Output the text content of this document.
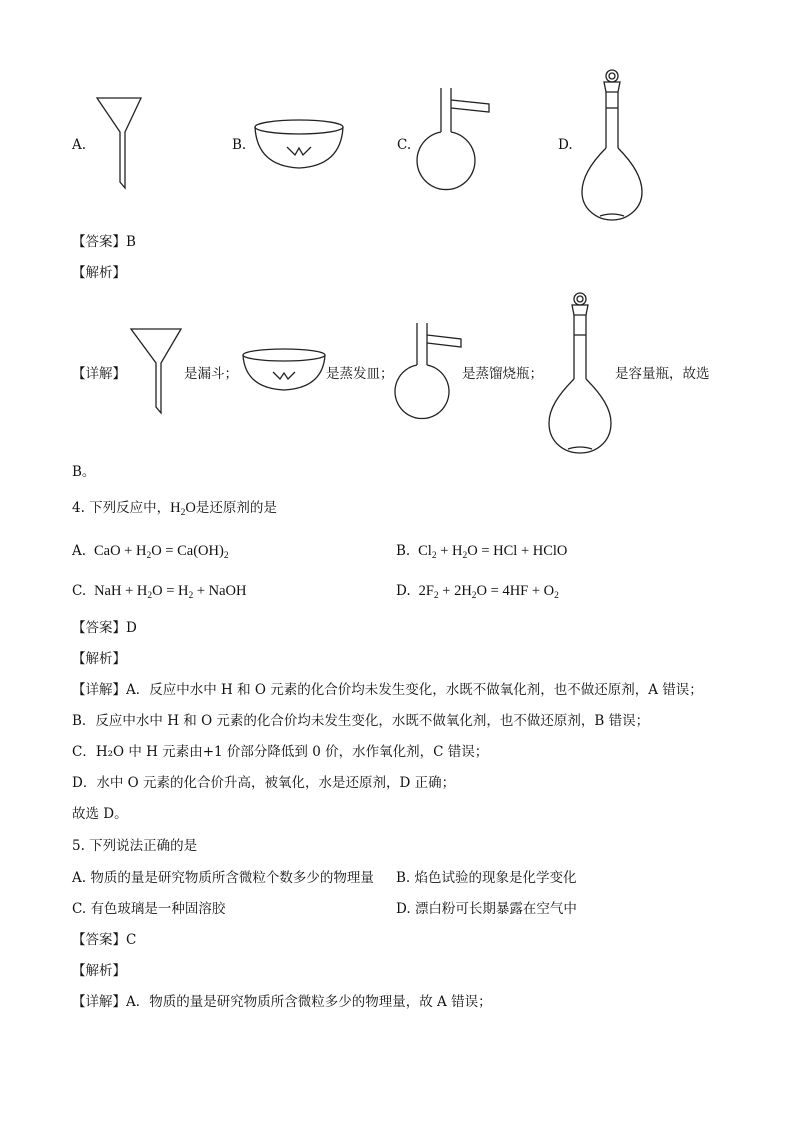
A.	B.	C.	D.
【答案】B
【解析】
【详解】	是漏斗；	是蒸发皿；	是蒸馏烧瓶；	是容量瓶，故选
B。
4. 下列反应中，$H_2O$是还原剂的是
A.  CaO + $H_2O = Ca(OH)_2$	B.  $Cl_2 + H_2O$ = HCl + HClO
C.  NaH + $H_2O = H_2$ + NaOH	D.  $2F_2 + 2H_2O = 4HF + O_2$
【答案】D
【解析】
【详解】A．反应中水中 H 和 O 元素的化合价均未发生变化，水既不做氧化剂，也不做还原剂，A 错误；
B．反应中水中 H 和 O 元素的化合价均未发生变化，水既不做氧化剂，也不做还原剂，B 错误；
C．H₂O 中 H 元素由+1 价部分降低到 0 价，水作氧化剂，C 错误；
D．水中 O 元素的化合价升高，被氧化，水是还原剂，D 正确；
故选 D。
5. 下列说法正确的是
A. 物质的量是研究物质所含微粒个数多少的物理量 B. 焰色试验的现象是化学变化
C. 有色玻璃是一种固溶胶	D. 漂白粉可长期暴露在空气中
【答案】C
【解析】
【详解】A．物质的量是研究物质所含微粒多少的物理量，故 A 错误；
